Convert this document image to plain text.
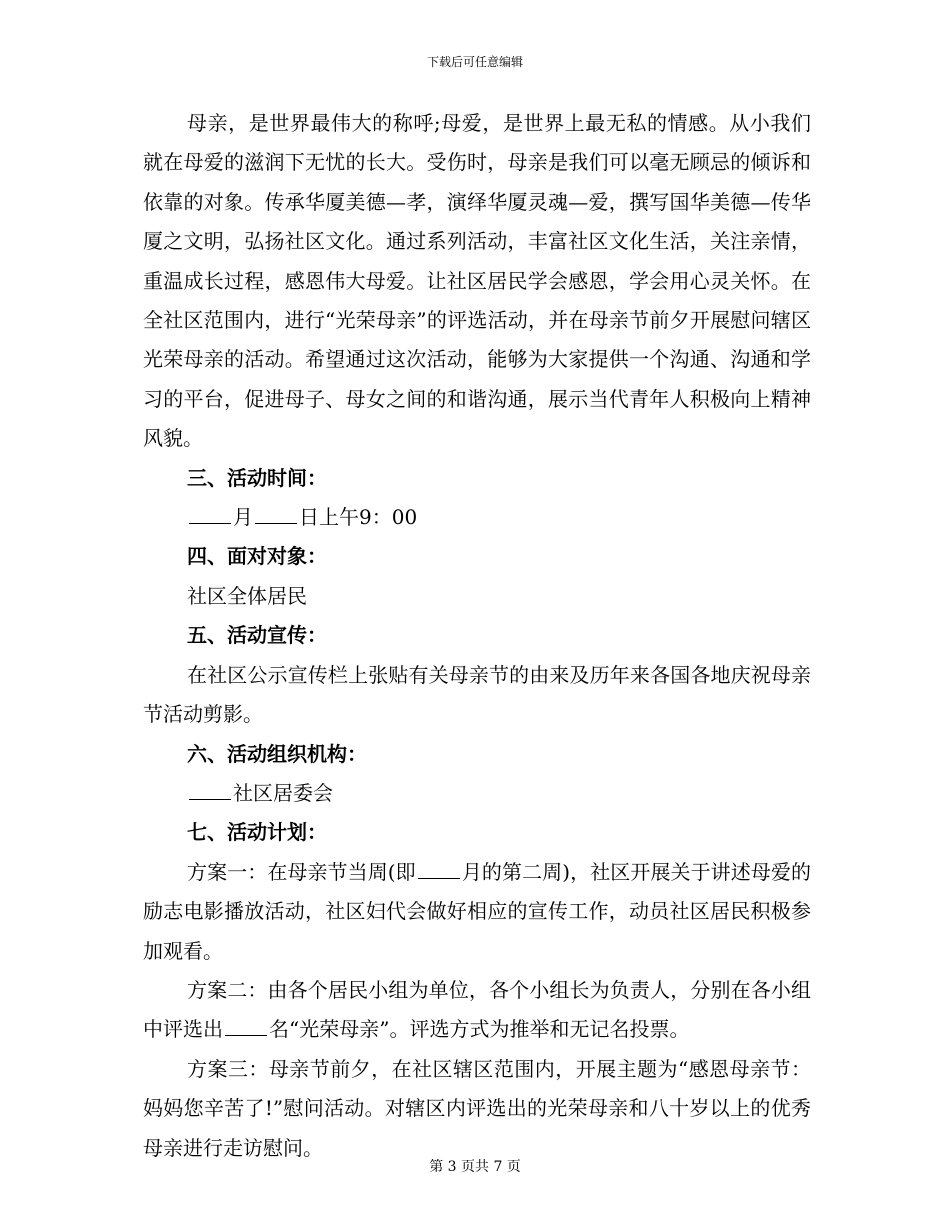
下载后可任意编辑

母亲，是世界最伟大的称呼;母爱，是世界上最无私的情感。从小我们就在母爱的滋润下无忧的长大。受伤时，母亲是我们可以毫无顾忌的倾诉和依靠的对象。传承华厦美德—孝，演绎华厦灵魂—爱，撰写国华美德—传华厦之文明，弘扬社区文化。通过系列活动，丰富社区文化生活，关注亲情，重温成长过程，感恩伟大母爱。让社区居民学会感恩，学会用心灵关怀。在全社区范围内，进行“光荣母亲”的评选活动，并在母亲节前夕开展慰问辖区光荣母亲的活动。希望通过这次活动，能够为大家提供一个沟通、沟通和学习的平台，促进母子、母女之间的和谐沟通，展示当代青年人积极向上精神风貌。

三、活动时间：

月 日上午9：00

四、面对对象：

社区全体居民

五、活动宣传：

在社区公示宣传栏上张贴有关母亲节的由来及历年来各国各地庆祝母亲节活动剪影。

六、活动组织机构：

社区居委会

七、活动计划：

方案一：在母亲节当周(即 月的第二周)，社区开展关于讲述母爱的励志电影播放活动，社区妇代会做好相应的宣传工作，动员社区居民积极参加观看。

方案二：由各个居民小组为单位，各个小组长为负责人，分别在各小组中评选出 名“光荣母亲”。评选方式为推举和无记名投票。

方案三：母亲节前夕，在社区辖区范围内，开展主题为“感恩母亲节：妈妈您辛苦了!”慰问活动。对辖区内评选出的光荣母亲和八十岁以上的优秀母亲进行走访慰问。

第 3 页共 7 页
